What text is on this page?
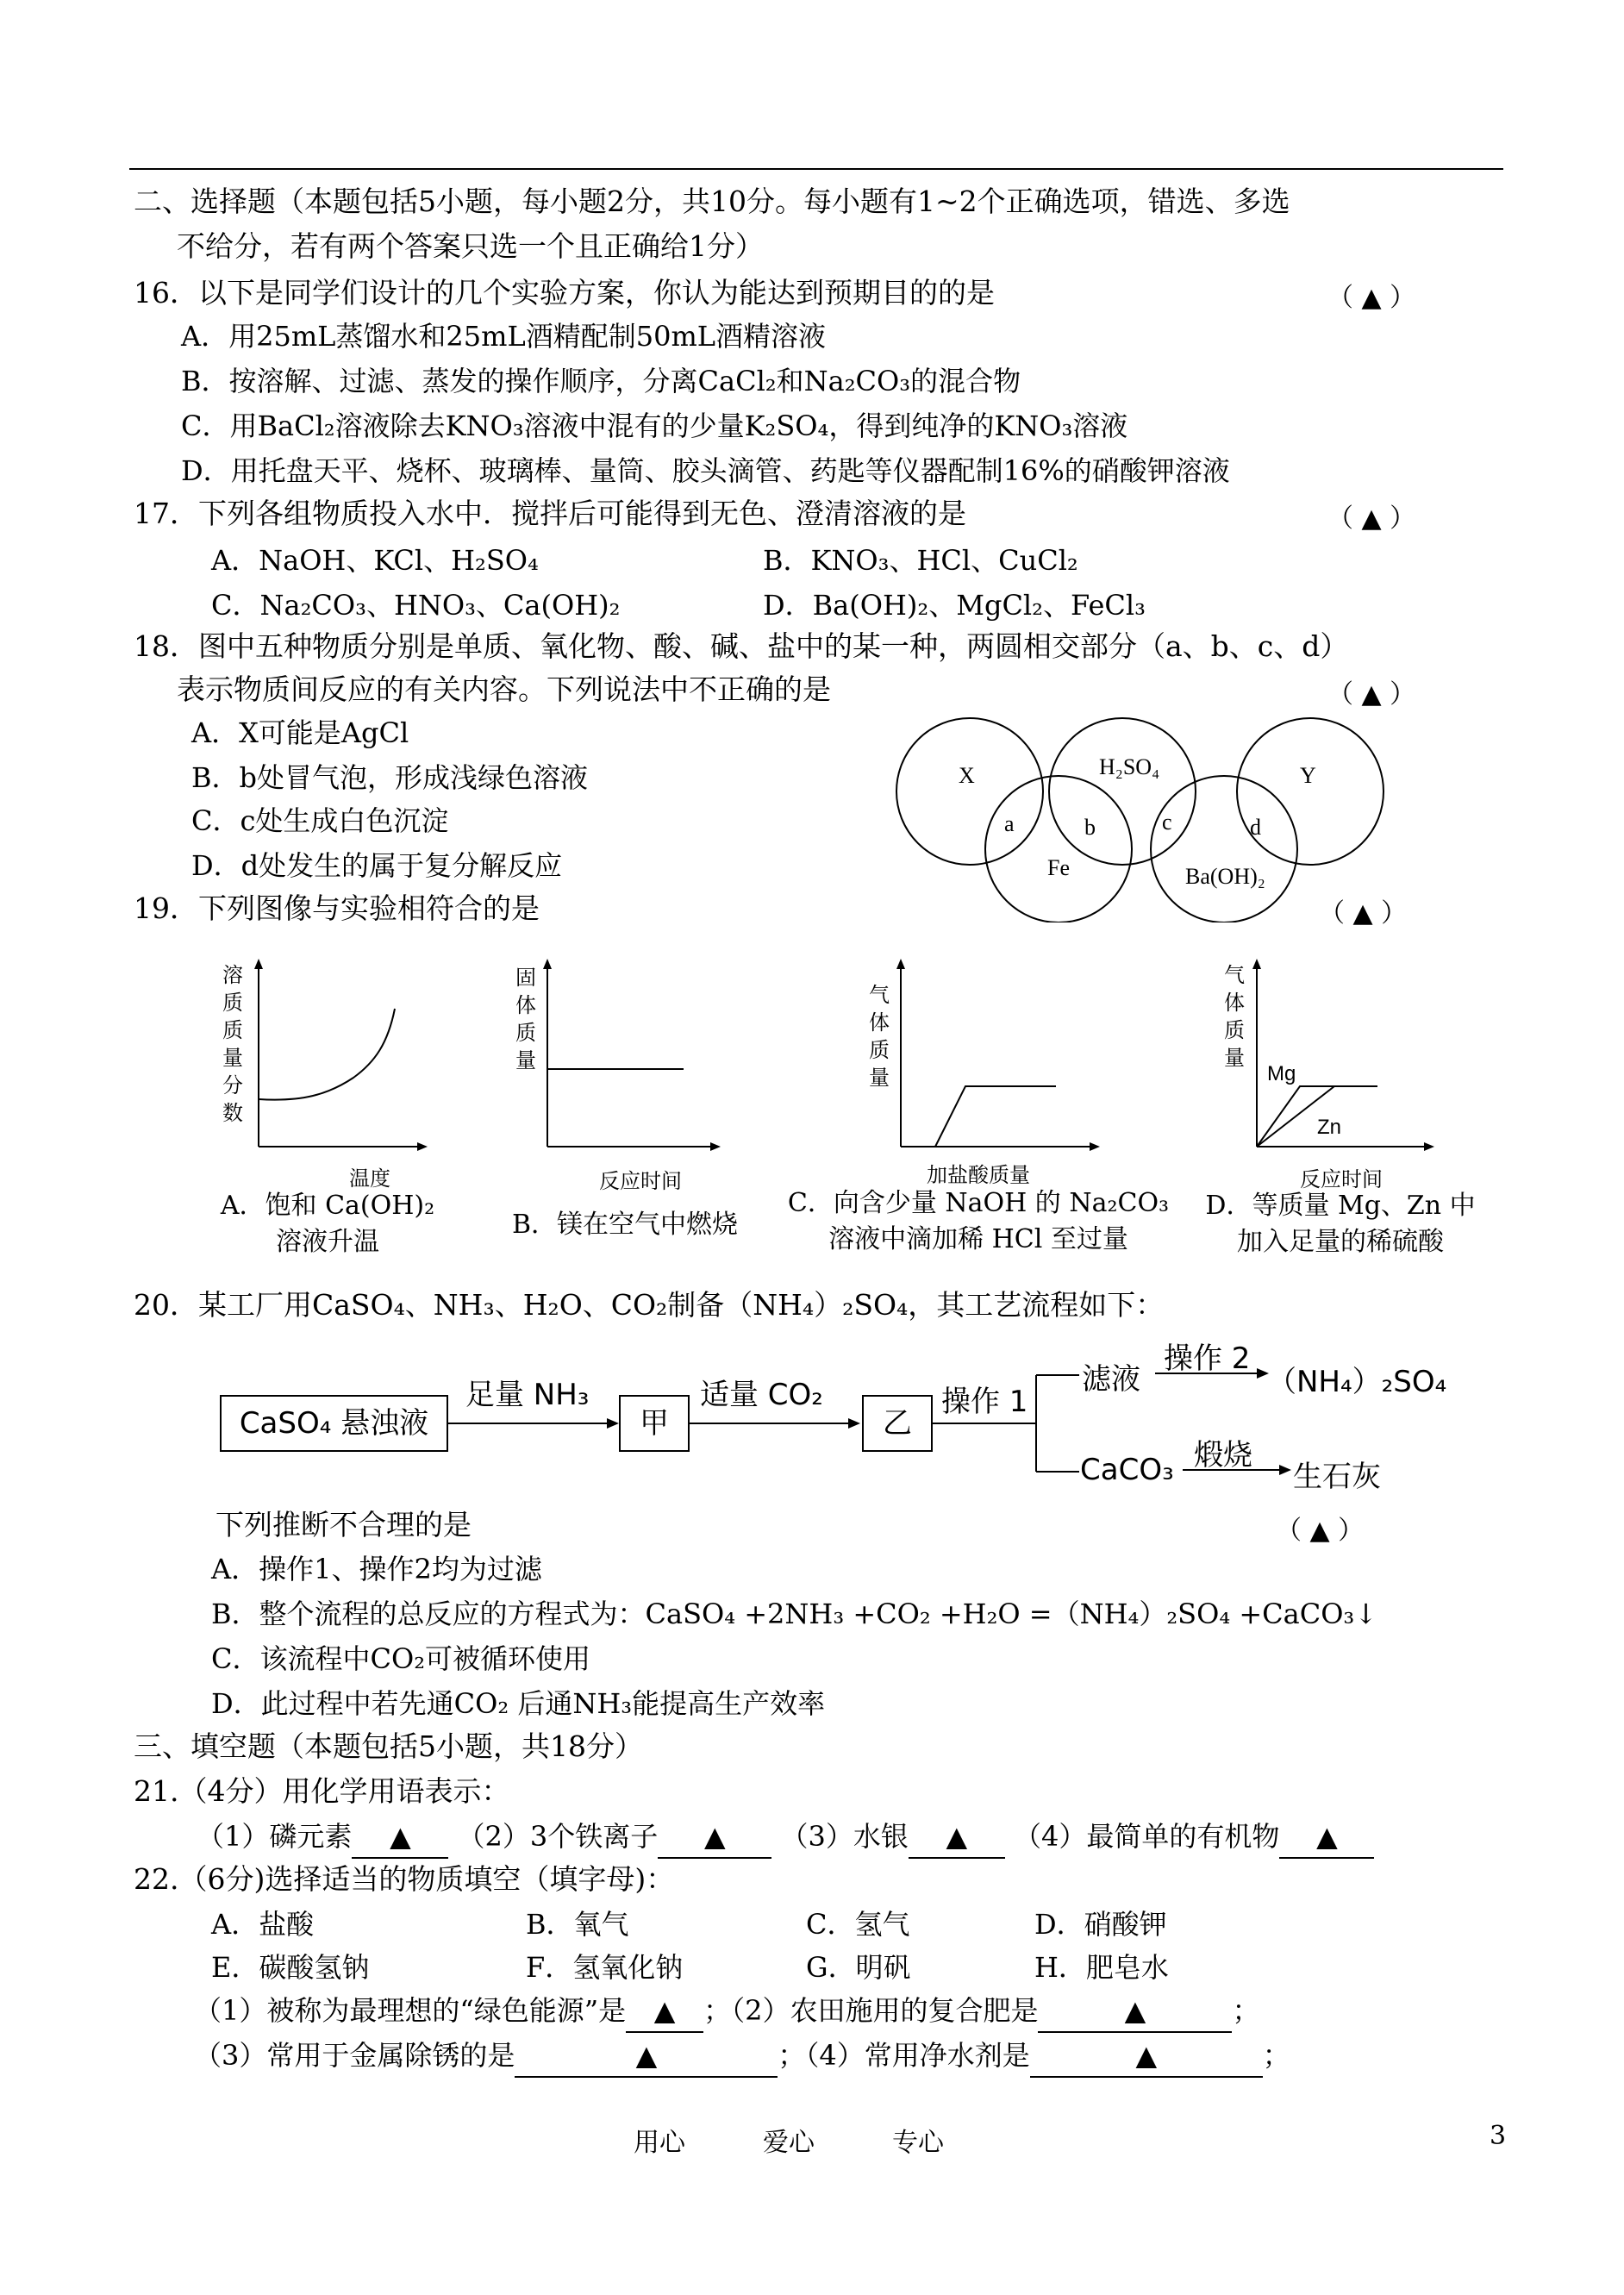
二、选择题（本题包括5小题，每小题2分，共10分。每小题有1~2个正确选项，错选、多选
不给分，若有两个答案只选一个且正确给1分）
16．以下是同学们设计的几个实验方案，你认为能达到预期目的的是	（ ▲ ）
A．用25mL蒸馏水和25mL酒精配制50mL酒精溶液
B．按溶解、过滤、蒸发的操作顺序，分离CaCl₂和Na₂CO₃的混合物
C．用BaCl₂溶液除去KNO₃溶液中混有的少量K₂SO₄，得到纯净的KNO₃溶液
D．用托盘天平、烧杯、玻璃棒、量筒、胶头滴管、药匙等仪器配制16%的硝酸钾溶液
17．下列各组物质投入水中．搅拌后可能得到无色、澄清溶液的是	（ ▲ ）
A．NaOH、KCl、H₂SO₄	B．KNO₃、HCl、CuCl₂
C．Na₂CO₃、HNO₃、Ca(OH)₂	D．Ba(OH)₂、MgCl₂、FeCl₃
18．图中五种物质分别是单质、氧化物、酸、碱、盐中的某一种，两圆相交部分（a、b、c、d）
表示物质间反应的有关内容。下列说法中不正确的是	（ ▲ ）
A．X可能是AgCl
B．b处冒气泡，形成浅绿色溶液
C．c处生成白色沉淀
D．d处发生的属于复分解反应
X	H₂SO₄	Y
Fe	Ba(OH)₂
a	b	c	d
19．下列图像与实验相符合的是	（ ▲ ）
溶质质量分数
温度
A．饱和 Ca(OH)₂
溶液升温
固体质量
反应时间
B．镁在空气中燃烧
气体质量
加盐酸质量
C．向含少量 NaOH 的 Na₂CO₃
溶液中滴加稀 HCl 至过量
气体质量
Mg
Zn
反应时间
D．等质量 Mg、Zn 中
加入足量的稀硫酸
20．某工厂用CaSO₄、NH₃、H₂O、CO₂制备（NH₄）₂SO₄，其工艺流程如下：
CaSO₄ 悬浊液
足量 NH₃
甲
适量 CO₂
乙
操作 1
滤液
操作 2
（NH₄）₂SO₄
CaCO₃ 煅烧
生石灰
下列推断不合理的是	（ ▲ ）
A．操作1、操作2均为过滤
B．整个流程的总反应的方程式为：CaSO₄ +2NH₃ +CO₂ +H₂O =（NH₄）₂SO₄ +CaCO₃↓
C．该流程中CO₂可被循环使用
D．此过程中若先通CO₂ 后通NH₃能提高生产效率
三、填空题（本题包括5小题，共18分）
21.（4分）用化学用语表示：
（1）磷元素 ▲ （2）3个铁离子 ▲ （3）水银 ▲ （4）最简单的有机物 ▲
22.（6分)选择适当的物质填空（填字母)：
A．盐酸	B．氧气	C．氢气	D．硝酸钾
E．碳酸氢钠	F．氢氧化钠	G．明矾	H．肥皂水
（1）被称为最理想的“绿色能源”是 ▲ ；（2）农田施用的复合肥是	▲	；
（3）常用于金属除锈的是	▲	；（4）常用净水剂是	▲	；
用心	爱心	专心	3
